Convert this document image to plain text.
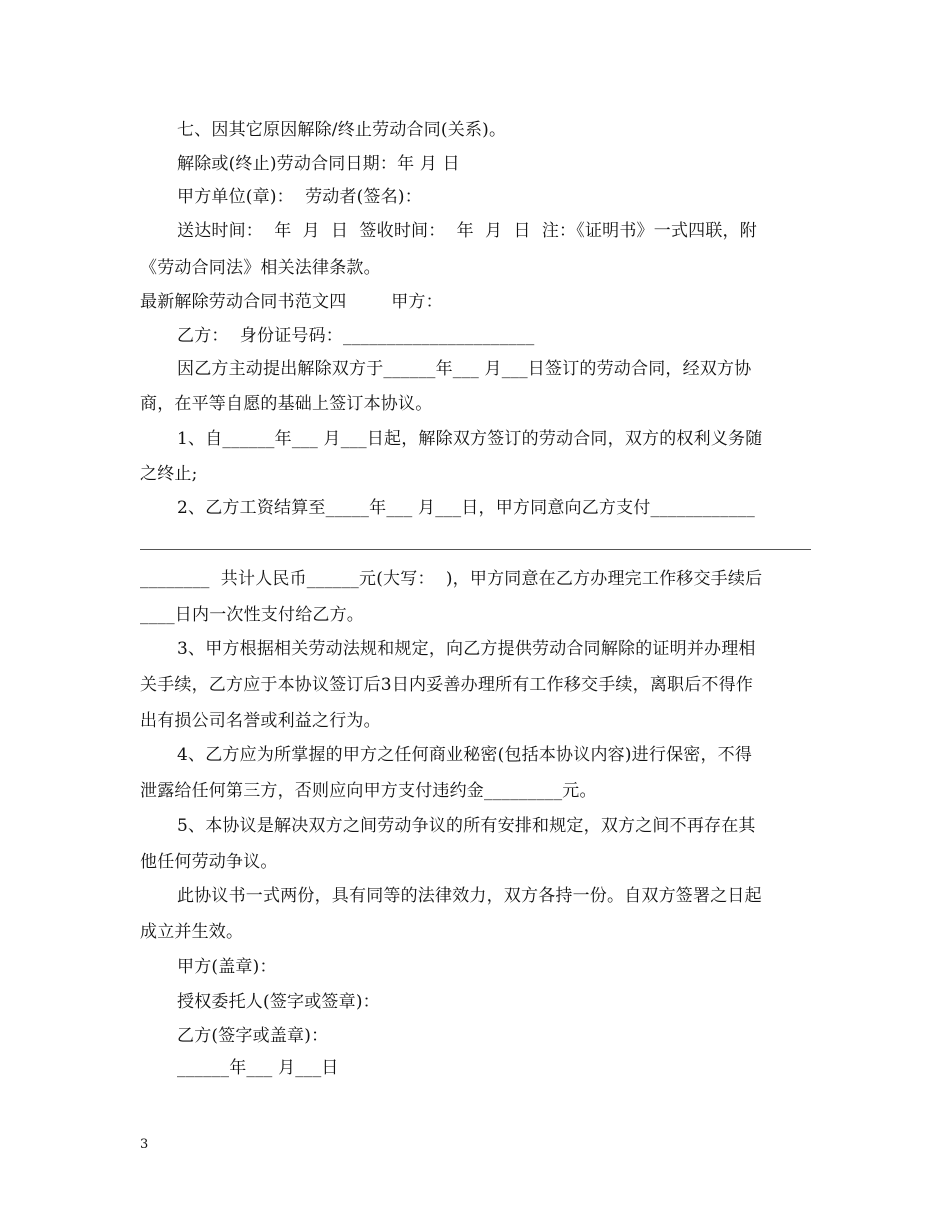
七、因其它原因解除/终止劳动合同(关系)。
解除或(终止)劳动合同日期：年 月 日
甲方单位(章)：  劳动者(签名)：
送达时间：  年  月  日  签收时间：  年  月  日  注：《证明书》一式四联，附
《劳动合同法》相关法律条款。
最新解除劳动合同书范文四        甲方：
乙方：  身份证号码：______________________
因乙方主动提出解除双方于______年___ 月___日签订的劳动合同，经双方协
商，在平等自愿的基础上签订本协议。
1、自______年___ 月___日起，解除双方签订的劳动合同，双方的权利义务随
之终止;
2、乙方工资结算至_____年___ 月___日，甲方同意向乙方支付____________
________  共计人民币______元(大写：  )，甲方同意在乙方办理完工作移交手续后
____日内一次性支付给乙方。
3、甲方根据相关劳动法规和规定，向乙方提供劳动合同解除的证明并办理相
关手续，乙方应于本协议签订后3日内妥善办理所有工作移交手续，离职后不得作
出有损公司名誉或利益之行为。
4、乙方应为所掌握的甲方之任何商业秘密(包括本协议内容)进行保密，不得
泄露给任何第三方，否则应向甲方支付违约金_________元。
5、本协议是解决双方之间劳动争议的所有安排和规定，双方之间不再存在其
他任何劳动争议。
此协议书一式两份，具有同等的法律效力，双方各持一份。自双方签署之日起
成立并生效。
甲方(盖章)：
授权委托人(签字或签章)：
乙方(签字或盖章)：
______年___ 月___日
3
